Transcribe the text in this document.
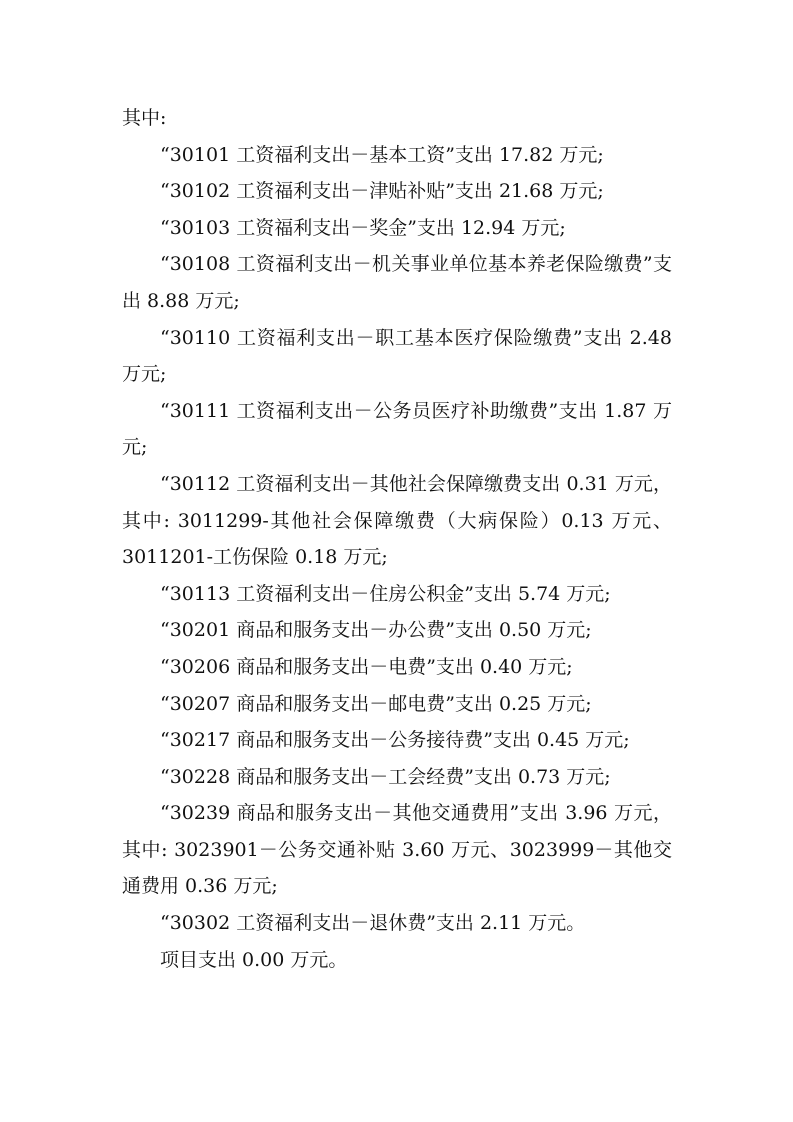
其中:

“30101 工资福利支出－基本工资”支出 17.82 万元;

“30102 工资福利支出－津贴补贴”支出 21.68 万元;

“30103 工资福利支出－奖金”支出 12.94 万元;

“30108 工资福利支出－机关事业单位基本养老保险缴费”支出 8.88 万元;

“30110 工资福利支出－职工基本医疗保险缴费”支出 2.48 万元;

“30111 工资福利支出－公务员医疗补助缴费”支出 1.87 万元;

“30112 工资福利支出－其他社会保障缴费支出 0.31 万元，其中: 3011299-其他社会保障缴费（大病保险）0.13 万元、3011201-工伤保险 0.18 万元;

“30113 工资福利支出－住房公积金”支出 5.74 万元;

“30201 商品和服务支出－办公费”支出 0.50 万元;

“30206 商品和服务支出－电费”支出 0.40 万元;

“30207 商品和服务支出－邮电费”支出 0.25 万元;

“30217 商品和服务支出－公务接待费”支出 0.45 万元;

“30228 商品和服务支出－工会经费”支出 0.73 万元;

“30239 商品和服务支出－其他交通费用”支出 3.96 万元，其中: 3023901－公务交通补贴 3.60 万元、3023999－其他交通费用 0.36 万元;

“30302 工资福利支出－退休费”支出 2.11 万元。

项目支出 0.00 万元。
